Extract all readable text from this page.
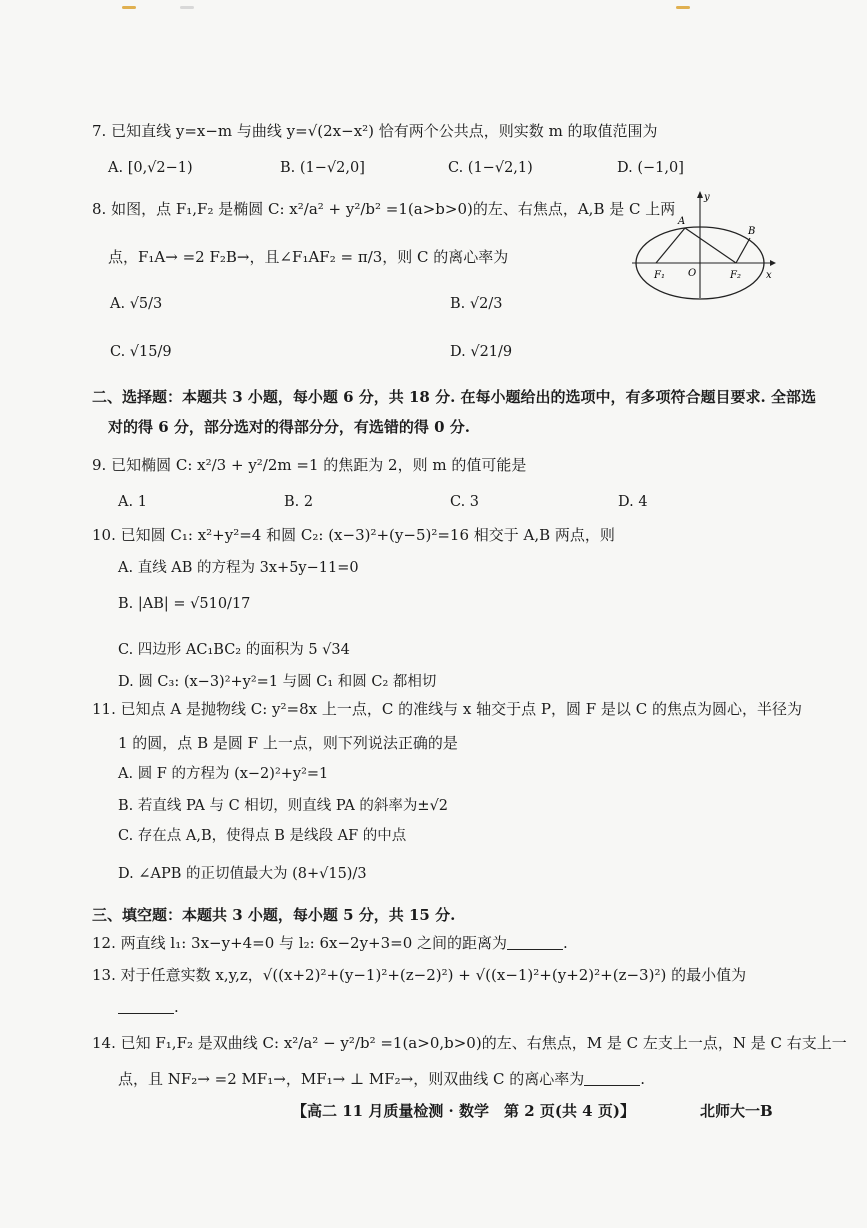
7. 已知直线 y=x−m 与曲线 y=√(2x−x²) 恰有两个公共点，则实数 m 的取值范围为
A. [0,√2−1)	B. (1−√2,0]	C. (1−√2,1)	D. (−1,0]
8. 如图，点 F₁,F₂ 是椭圆 C: x²/a² + y²/b² =1(a>b>0)的左、右焦点，A,B 是 C 上两
点，F₁A→ =2 F₂B→，且∠F₁AF₂ = π/3，则 C 的离心率为
A. √5/3	B. √2/3
C. √15/9	D. √21/9
y
x
A
B
O
F₁	F₂
二、选择题：本题共 3 小题，每小题 6 分，共 18 分. 在每小题给出的选项中，有多项符合题目要求. 全部选
对的得 6 分，部分选对的得部分分，有选错的得 0 分.
9. 已知椭圆 C: x²/3 + y²/2m =1 的焦距为 2，则 m 的值可能是
A. 1	B. 2	C. 3	D. 4
10. 已知圆 C₁: x²+y²=4 和圆 C₂: (x−3)²+(y−5)²=16 相交于 A,B 两点，则
A. 直线 AB 的方程为 3x+5y−11=0
B. |AB| = √510/17
C. 四边形 AC₁BC₂ 的面积为 5 √34
D. 圆 C₃: (x−3)²+y²=1 与圆 C₁ 和圆 C₂ 都相切
11. 已知点 A 是抛物线 C: y²=8x 上一点，C 的准线与 x 轴交于点 P，圆 F 是以 C 的焦点为圆心，半径为
1 的圆，点 B 是圆 F 上一点，则下列说法正确的是
A. 圆 F 的方程为 (x−2)²+y²=1
B. 若直线 PA 与 C 相切，则直线 PA 的斜率为±√2
C. 存在点 A,B，使得点 B 是线段 AF 的中点
D. ∠APB 的正切值最大为 (8+√15)/3
三、填空题：本题共 3 小题，每小题 5 分，共 15 分.
12. 两直线 l₁: 3x−y+4=0 与 l₂: 6x−2y+3=0 之间的距离为	.
13. 对于任意实数 x,y,z，√((x+2)²+(y−1)²+(z−2)²) + √((x−1)²+(y+2)²+(z−3)²) 的最小值为
.
14. 已知 F₁,F₂ 是双曲线 C: x²/a² − y²/b² =1(a>0,b>0)的左、右焦点，M 是 C 左支上一点，N 是 C 右支上一
点，且 NF₂→ =2 MF₁→，MF₁→ ⊥ MF₂→，则双曲线 C 的离心率为	.
【高二 11 月质量检测 · 数学　第 2 页(共 4 页)】	北师大一B
